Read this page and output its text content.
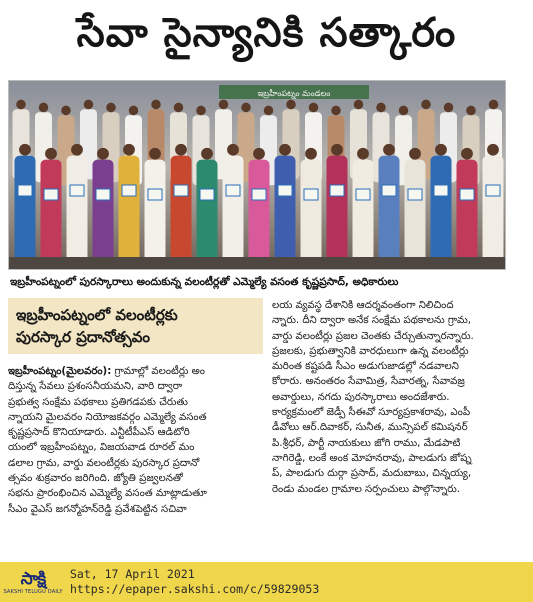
సేవా సైన్యానికి సత్కారం
ఇబ్రహీంపట్నం మండలం
ఇబ్రహీంపట్నంలో పురస్కారాలు అందుకున్న వలంటీర్లతో ఎమ్మెల్యే వసంత కృష్ణప్రసాద్, అధికారులు
ఇబ్రహీంపట్నంలో వలంటీర్లకు
పురస్కార ప్రదానోత్సవం
ఇబ్రహీంపట్నం(మైలవరం): గ్రామాల్లో వలంటీర్లు అం
దిస్తున్న సేవలు ప్రశంసనీయమని, వారి ద్వారా
ప్రభుత్వ సంక్షేమ పథకాలు ప్రతిగడపకు చేరుతు
న్నాయని మైలవరం నియోజకవర్గం ఎమ్మెల్యే వసంత
కృష్ణప్రసాద్ కొనియాడారు. ఎన్టీటీపీఎస్ ఆడిటోరి
యంలో ఇబ్రహీంపట్నం, విజయవాడ రూరల్ మం
డలాల గ్రామ, వార్డు వలంటీర్లకు పురస్కార ప్రదానో
త్సవం శుక్రవారం జరిగింది. జ్యోతి ప్రజ్వలనతో
సభను ప్రారంభించిన ఎమ్మెల్యే వసంత మాట్లాడుతూ
సీఎం వైఎస్ జగన్మోహన్‌రెడ్డి ప్రవేశపెట్టిన సచివా
లయ వ్యవస్థ దేశానికి ఆదర్శవంతంగా నిలిచింద
న్నారు. దీని ద్వారా అనేక సంక్షేమ పథకాలను గ్రామ,
వార్డు వలంటీర్లు ప్రజల చెంతకు చేర్చుతున్నారన్నారు.
ప్రజలకు, ప్రభుత్వానికి వారధులుగా ఉన్న వలంటీర్లు
మరింత కష్టపడి సీఎం అడుగుజాడల్లో నడవాలని
కోరారు. అనంతరం సేవామిత్ర, సేవారత్న, సేవావజ్ర
అవార్డులు, నగదు పురస్కారాలు అందజేశారు.
కార్యక్రమంలో జెడ్పీ సీఈవో సూర్యప్రకాశరావు, ఎంపీ
డీవోలు ఆర్.దివాకర్, సునీత, మున్సిపల్ కమిషనర్
పి.శ్రీధర్, పార్టీ నాయకులు జోగి రాము, మేడపాటి
నాగిరెడ్డి, లంకే అంక మోహనరావు, పాలడుగు జోష్న
ప్, పాలడుగు దుర్గా ప్రసాద్, మదుబాబు, చిన్నయ్య,
రెండు మండల గ్రామాల సర్పంచులు పాల్గొన్నారు.
సాక్షి
SAKSHI TELUGU DAILY
Sat, 17 April 2021
https://epaper.sakshi.com/c/59829053
